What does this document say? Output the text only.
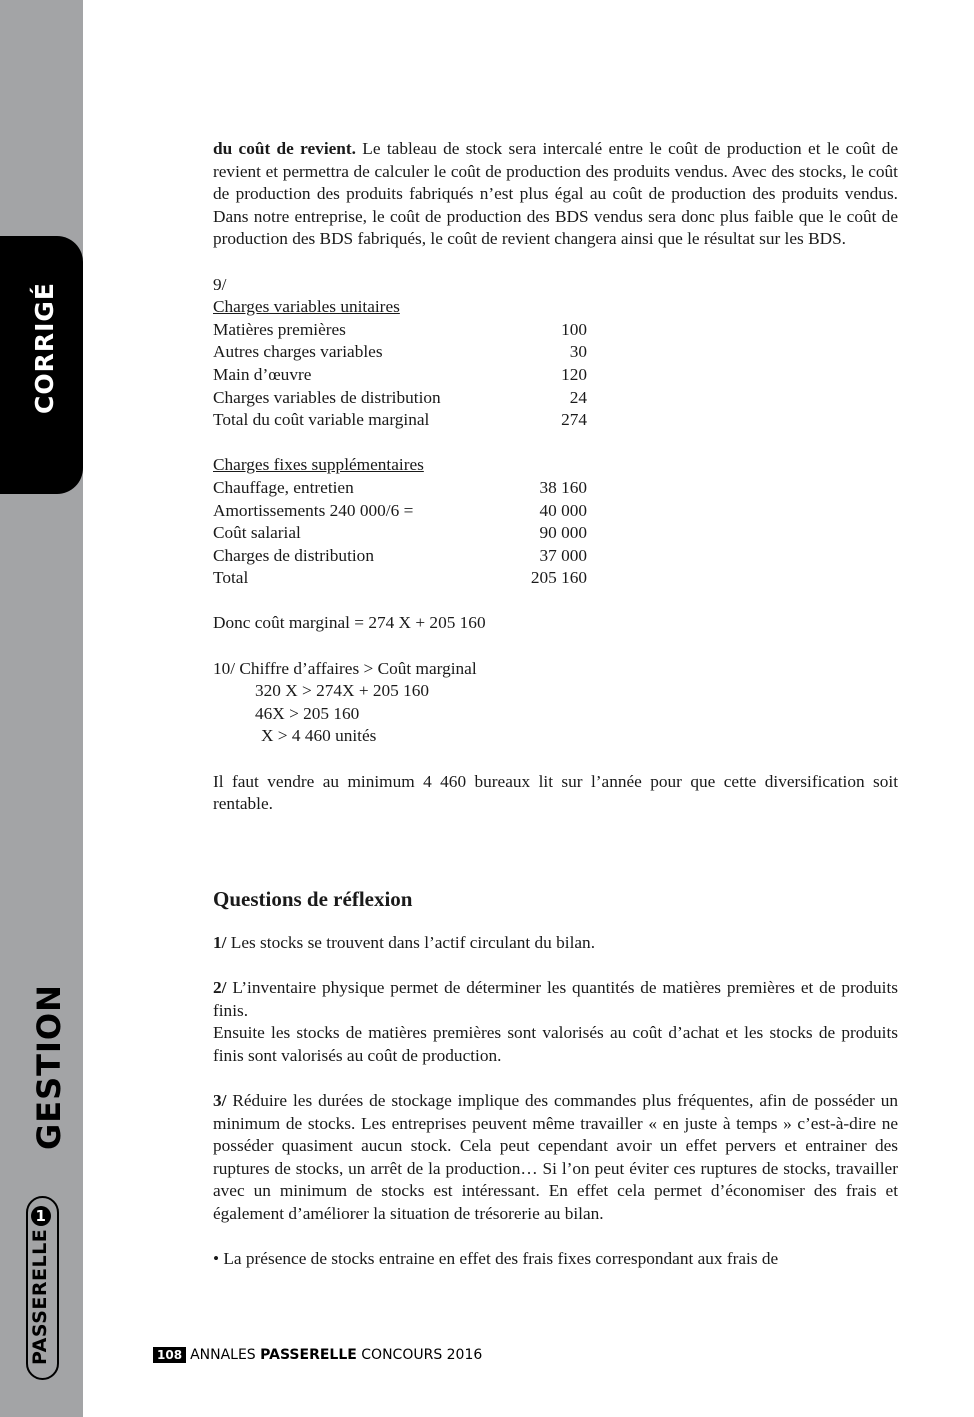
CORRIGÉ
GESTION
PASSERELLE1

du coût de revient. Le tableau de stock sera intercalé entre le coût de production et le coût de revient et permettra de calculer le coût de production des produits vendus. Avec des stocks, le coût de production des produits fabriqués n’est plus égal au coût de production des produits vendus. Dans notre entreprise, le coût de production des BDS vendus sera donc plus faible que le coût de production des BDS fabriqués, le coût de revient changera ainsi que le résultat sur les BDS.

9/

Charges variables unitaires

Matières premières	100
Autres charges variables	30
Main d’œuvre	120
Charges variables de distribution	24
Total du coût variable marginal	274

Charges fixes supplémentaires

Chauffage, entretien	38 160
Amortissements 240 000/6 =	40 000
Coût salarial	90 000
Charges de distribution	37 000
Total	205 160

Donc coût marginal = 274 X + 205 160

10/ Chiffre d’affaires > Coût marginal

320 X > 274X + 205 160

46X > 205 160

X > 4 460 unités

Il faut vendre au minimum 4 460 bureaux lit sur l’année pour que cette diversification soit rentable.

Questions de réflexion

1/ Les stocks se trouvent dans l’actif circulant du bilan.

2/ L’inventaire physique permet de déterminer les quantités de matières premières et de produits finis.

Ensuite les stocks de matières premières sont valorisés au coût d’achat et les stocks de produits finis sont valorisés au coût de production.

3/ Réduire les durées de stockage implique des commandes plus fréquentes, afin de posséder un minimum de stocks. Les entreprises peuvent même travailler « en juste à temps » c’est-à-dire ne posséder quasiment aucun stock. Cela peut cependant avoir un effet pervers et entrainer des ruptures de stocks, un arrêt de la production… Si l’on peut éviter ces ruptures de stocks, travailler avec un minimum de stocks est intéressant. En effet cela permet d’économiser des frais et également d’améliorer la situation de trésorerie au bilan.

• La présence de stocks entraine en effet des frais fixes correspondant aux frais de

108 ANNALES PASSERELLE CONCOURS 2016
